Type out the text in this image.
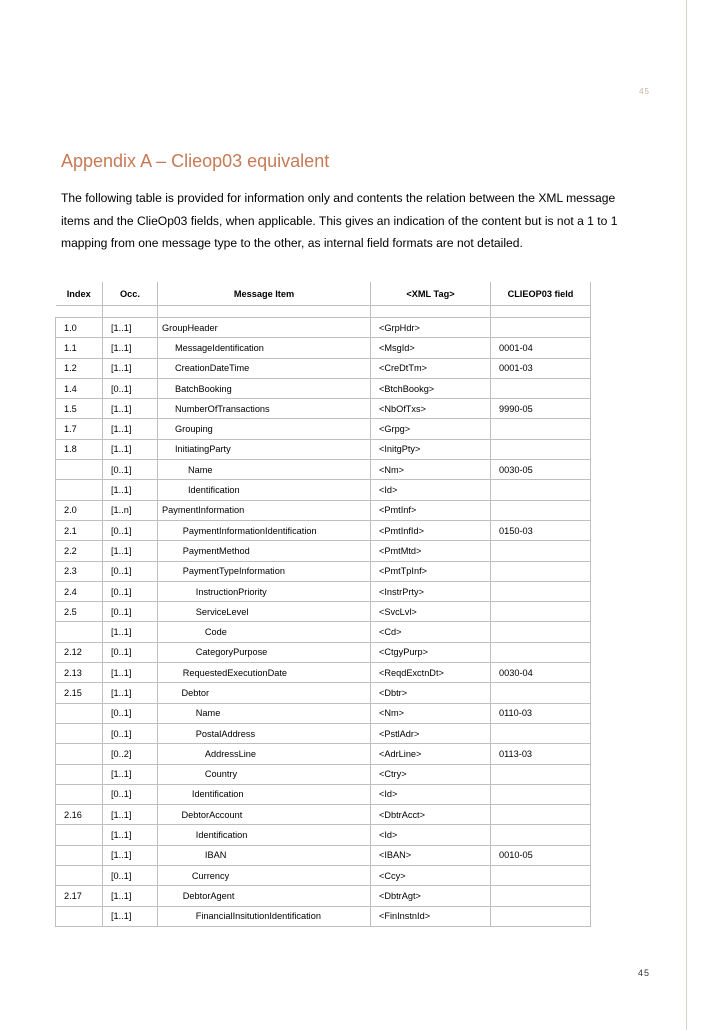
45
Appendix A – Clieop03 equivalent
The following table is provided for information only and contents the relation between the XML message items and the ClieOp03 fields, when applicable. This gives an indication of the content but is not a 1 to 1 mapping from one message type to the other, as internal field formats are not detailed.
Index	Occ.	Message Item	<XML Tag>	CLIEOP03 field

1.0	[1..1]	GroupHeader	<GrpHdr>	
1.1	[1..1]	MessageIdentification	<MsgId>	0001-04
1.2	[1..1]	CreationDateTime	<CreDtTm>	0001-03
1.4	[0..1]	BatchBooking	<BtchBookg>	
1.5	[1..1]	NumberOfTransactions	<NbOfTxs>	9990-05
1.7	[1..1]	Grouping	<Grpg>	
1.8	[1..1]	InitiatingParty	<InitgPty>	
	[0..1]	Name	<Nm>	0030-05
	[1..1]	Identification	<Id>	
2.0	[1..n]	PaymentInformation	<PmtInf>	
2.1	[0..1]	PaymentInformationIdentification	<PmtInfId>	0150-03
2.2	[1..1]	PaymentMethod	<PmtMtd>	
2.3	[0..1]	PaymentTypeInformation	<PmtTpInf>	
2.4	[0..1]	InstructionPriority	<InstrPrty>	
2.5	[0..1]	ServiceLevel	<SvcLvl>	
	[1..1]	Code	<Cd>	
2.12	[0..1]	CategoryPurpose	<CtgyPurp>	
2.13	[1..1]	RequestedExecutionDate	<ReqdExctnDt>	0030-04
2.15	[1..1]	Debtor	<Dbtr>	
	[0..1]	Name	<Nm>	0110-03
	[0..1]	PostalAddress	<PstlAdr>	
	[0..2]	AddressLine	<AdrLine>	0113-03
	[1..1]	Country	<Ctry>	
	[0..1]	Identification	<Id>	
2.16	[1..1]	DebtorAccount	<DbtrAcct>	
	[1..1]	Identification	<Id>	
	[1..1]	IBAN	<IBAN>	0010-05
	[0..1]	Currency	<Ccy>	
2.17	[1..1]	DebtorAgent	<DbtrAgt>	
	[1..1]	FinancialInsitutionIdentification	<FinInstnId>	
45
